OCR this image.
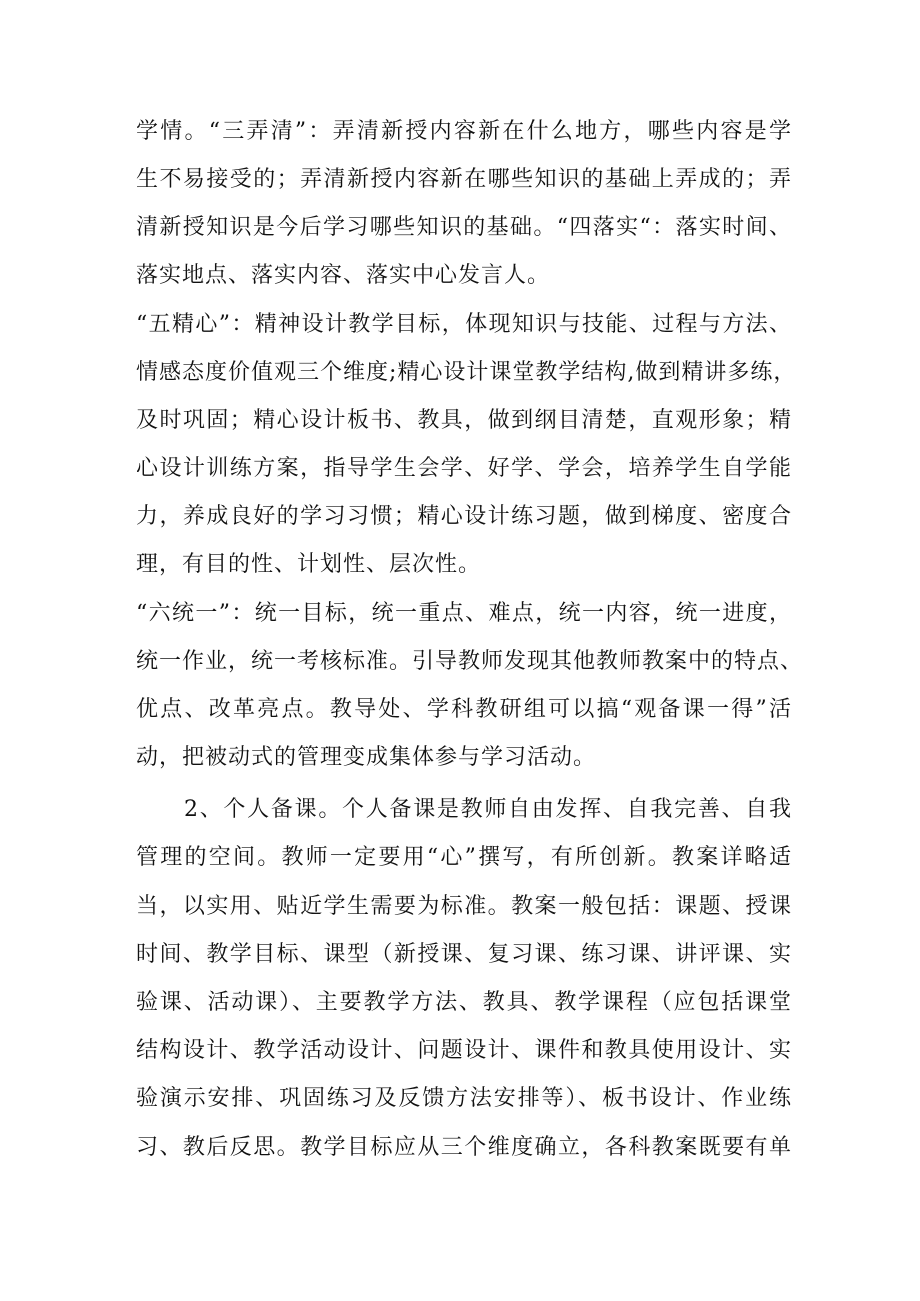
学情。“三弄清”：弄清新授内容新在什么地方，哪些内容是学
生不易接受的；弄清新授内容新在哪些知识的基础上弄成的；弄
清新授知识是今后学习哪些知识的基础。“四落实“：落实时间、
落实地点、落实内容、落实中心发言人。
“五精心”：精神设计教学目标，体现知识与技能、过程与方法、
情感态度价值观三个维度;精心设计课堂教学结构,做到精讲多练，
及时巩固；精心设计板书、教具，做到纲目清楚，直观形象；精
心设计训练方案，指导学生会学、好学、学会，培养学生自学能
力，养成良好的学习习惯；精心设计练习题，做到梯度、密度合
理，有目的性、计划性、层次性。
“六统一”：统一目标，统一重点、难点，统一内容，统一进度，
统一作业，统一考核标准。引导教师发现其他教师教案中的特点、
优点、改革亮点。教导处、学科教研组可以搞“观备课一得”活
动，把被动式的管理变成集体参与学习活动。
2、个人备课。个人备课是教师自由发挥、自我完善、自我
管理的空间。教师一定要用“心”撰写，有所创新。教案详略适
当，以实用、贴近学生需要为标准。教案一般包括：课题、授课
时间、教学目标、课型（新授课、复习课、练习课、讲评课、实
验课、活动课）、主要教学方法、教具、教学课程（应包括课堂
结构设计、教学活动设计、问题设计、课件和教具使用设计、实
验演示安排、巩固练习及反馈方法安排等）、板书设计、作业练
习、教后反思。教学目标应从三个维度确立，各科教案既要有单
